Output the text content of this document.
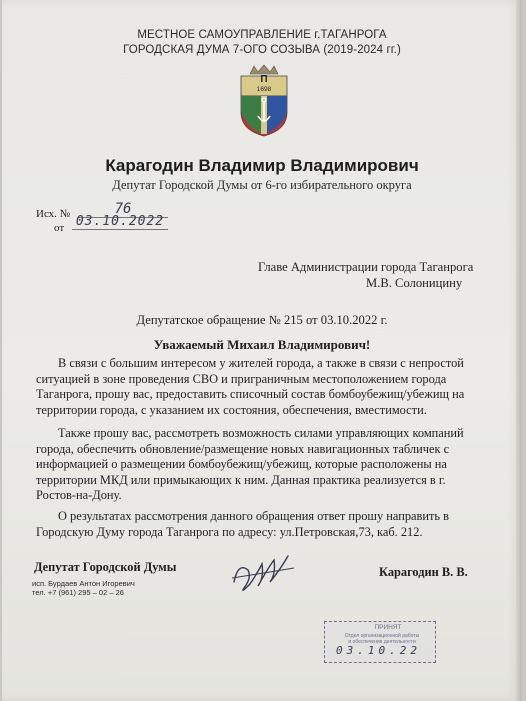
МЕСТНОЕ САМОУПРАВЛЕНИЕ г.ТАГАНРОГА
ГОРОДСКАЯ ДУМА 7-ОГО СОЗЫВА (2019-2024 гг.)
П
1698
Карагодин Владимир Владимирович
Депутат Городской Думы от 6-го избирательного округа
Исх. №	76
от 03.10.2022
Главе Администрации города Таганрога
М.В. Солоницину
Депутатское обращение № 215 от 03.10.2022 г.
Уважаемый Михаил Владимирович!
В связи с большим интересом у жителей города, а также в связи с непростой
ситуацией в зоне проведения СВО и приграничным местоположением города
Таганрога, прошу вас, предоставить списочный состав бомбоубежищ/убежищ на
территории города, с указанием их состояния, обеспечения, вместимости.
Также прошу вас, рассмотреть возможность силами управляющих компаний
города, обеспечить обновление/размещение новых навигационных табличек с
информацией о размещении бомбоубежищ/убежищ, которые расположены на
территории МКД или примыкающих к ним. Данная практика реализуется в г.
Ростов-на-Дону.
О результатах рассмотрения данного обращения ответ прошу направить в
Городскую Думу города Таганрога по адресу: ул.Петровская,73, каб. 212.
Депутат Городской Думы	Карагодин В. В.
исп. Бурдаев Антон Игоревич
тел. +7 (961) 295 – 02 – 26
ПРИНЯТ
Отдел организационной работы
и обеспечения деятельности
03.10.22
